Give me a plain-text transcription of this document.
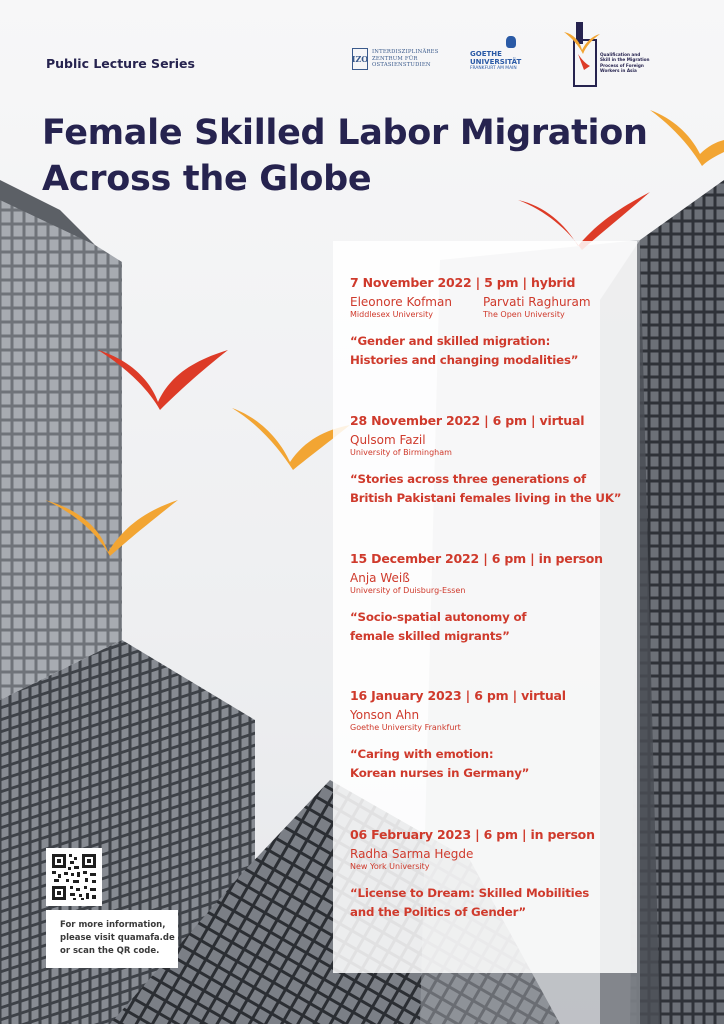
Public Lecture Series
Female Skilled Labor Migration
Across the Globe
IZO
INTERDISZIPLINÄRES
ZENTRUM FÜR
OSTASIENSTUDIEN
GOETHE
UNIVERSITÄT
FRANKFURT AM MAIN
Qualification and
Skill in the Migration
Process of Foreign
Workers in Asia
7 November 2022 | 5 pm | hybrid
Eleonore Kofman
Middlesex University
Parvati Raghuram
The Open University
“Gender and skilled migration:
Histories and changing modalities”
28 November 2022 | 6 pm | virtual
Qulsom Fazil
University of Birmingham
“Stories across three generations of
British Pakistani females living in the UK”
15 December 2022 | 6 pm | in person
Anja Weiß
University of Duisburg-Essen
“Socio-spatial autonomy of
female skilled migrants”
16 January 2023 | 6 pm | virtual
Yonson Ahn
Goethe University Frankfurt
“Caring with emotion:
Korean nurses in Germany”
06 February 2023 | 6 pm | in person
Radha Sarma Hegde
New York University
“License to Dream: Skilled Mobilities
and the Politics of Gender”
For more information,
please visit quamafa.de
or scan the QR code.
